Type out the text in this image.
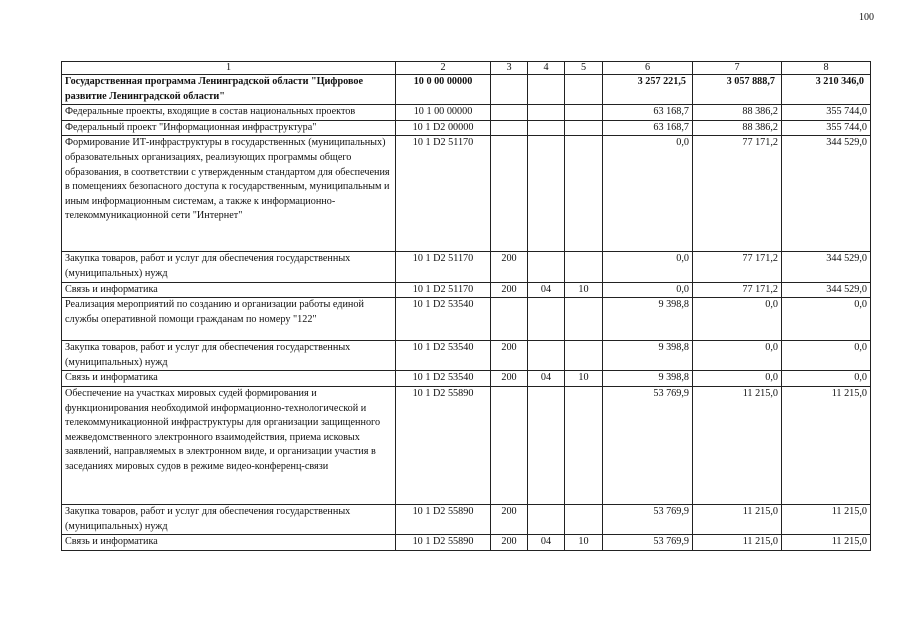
100
1	2	3	4	5	6	7	8
Государственная программа Ленинградской области "Цифровое развитие Ленинградской области"	10 0 00 00000				3 257 221,5	3 057 888,7	3 210 346,0
Федеральные проекты, входящие в состав национальных проектов	10 1 00 00000				63 168,7	88 386,2	355 744,0
Федеральный проект "Информационная инфраструктура"	10 1 D2 00000				63 168,7	88 386,2	355 744,0
Формирование ИТ-инфраструктуры в государственных (муниципальных) образовательных организациях, реализующих программы общего образования, в соответствии с утвержденным стандартом для обеспечения в помещениях безопасного доступа к государственным, муниципальным и иным информационным системам, а также к информационно-телекоммуникационной сети "Интернет"	10 1 D2 51170				0,0	77 171,2	344 529,0
Закупка товаров, работ и услуг для обеспечения государственных (муниципальных) нужд	10 1 D2 51170	200			0,0	77 171,2	344 529,0
Связь и информатика	10 1 D2 51170	200	04	10	0,0	77 171,2	344 529,0
Реализация мероприятий по созданию и организации работы единой службы оперативной помощи гражданам по номеру "122"	10 1 D2 53540				9 398,8	0,0	0,0
Закупка товаров, работ и услуг для обеспечения государственных (муниципальных) нужд	10 1 D2 53540	200			9 398,8	0,0	0,0
Связь и информатика	10 1 D2 53540	200	04	10	9 398,8	0,0	0,0
Обеспечение на участках мировых судей формирования и функционирования необходимой информационно-технологической и телекоммуникационной инфраструктуры для организации защищенного межведомственного электронного взаимодействия, приема исковых заявлений, направляемых в электронном виде, и организации участия в заседаниях мировых судов в режиме видео-конференц-связи	10 1 D2 55890				53 769,9	11 215,0	11 215,0
Закупка товаров, работ и услуг для обеспечения государственных (муниципальных) нужд	10 1 D2 55890	200			53 769,9	11 215,0	11 215,0
Связь и информатика	10 1 D2 55890	200	04	10	53 769,9	11 215,0	11 215,0
